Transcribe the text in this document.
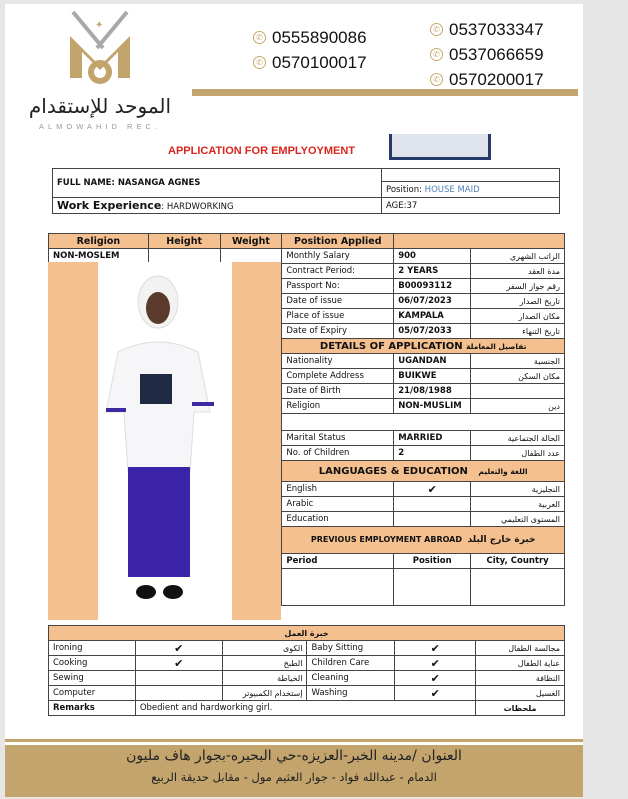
✦
الموحد للإستقدام
ALMOWAHID REC.
✆ 0555890086
✆ 0570100017
✆ 0537033347
✆ 0537066659
✆ 0570200017
APPLICATION FOR EMPLYOYMENT
FULL NAME: NASANGA AGNES	
	Position: HOUSE MAID
Work Experience: HARDWORKING	AGE:37
Religion	Height	Weight	Position Applied		
NON-MOSLEM			Monthly Salary	900	الراتب الشهري
			Contract Period:	2 YEARS	مدة العقد
			Passport No:	B00093112	رقم جواز السفر
			Date of issue	06/07/2023	تاريخ الصدار
			Place of issue	KAMPALA	مكان الصدار
			Date of Expiry	05/07/2033	تاريخ التنهاء
			DETAILS OF APPLICATION تفاصيل المعاملة		
			Nationality	UGANDAN	الجنسية
			Complete Address	BUIKWE	مكان السكن
			Date of Birth	21/08/1988	
			Religion	NON-MUSLIM	دين

			Marital Status	MARRIED	الحالة الجتماعية
			No. of Children	2	عدد الطفال
			LANGUAGES & EDUCATION اللغة والتعليم		
			English	✔	النجليزية
			Arabic		العربية
			Education		المستوى التعليمي
			PREVIOUS EMPLOYMENT ABROAD خبرة خارج البلد		
			Period	Position	City, Country

خبرة العمل					
Ironing	✔	الكوى	Baby Sitting	✔	مجالسة الطفال
Cooking	✔	الطبخ	Children Care	✔	عناية الطفال
Sewing		الخياطة	Cleaning	✔	النظافة
Computer		إستخدام الكمبيوتر	Washing	✔	الغسيل
Remarks	Obedient and hardworking girl.				ملحظات
العنوان /مدينه الخبر-العزيزه-حي البحيره-بجوار هاف مليون
الدمام - عبدالله فواد - جوار العثيم مول - مقابل حديقة الربيع
